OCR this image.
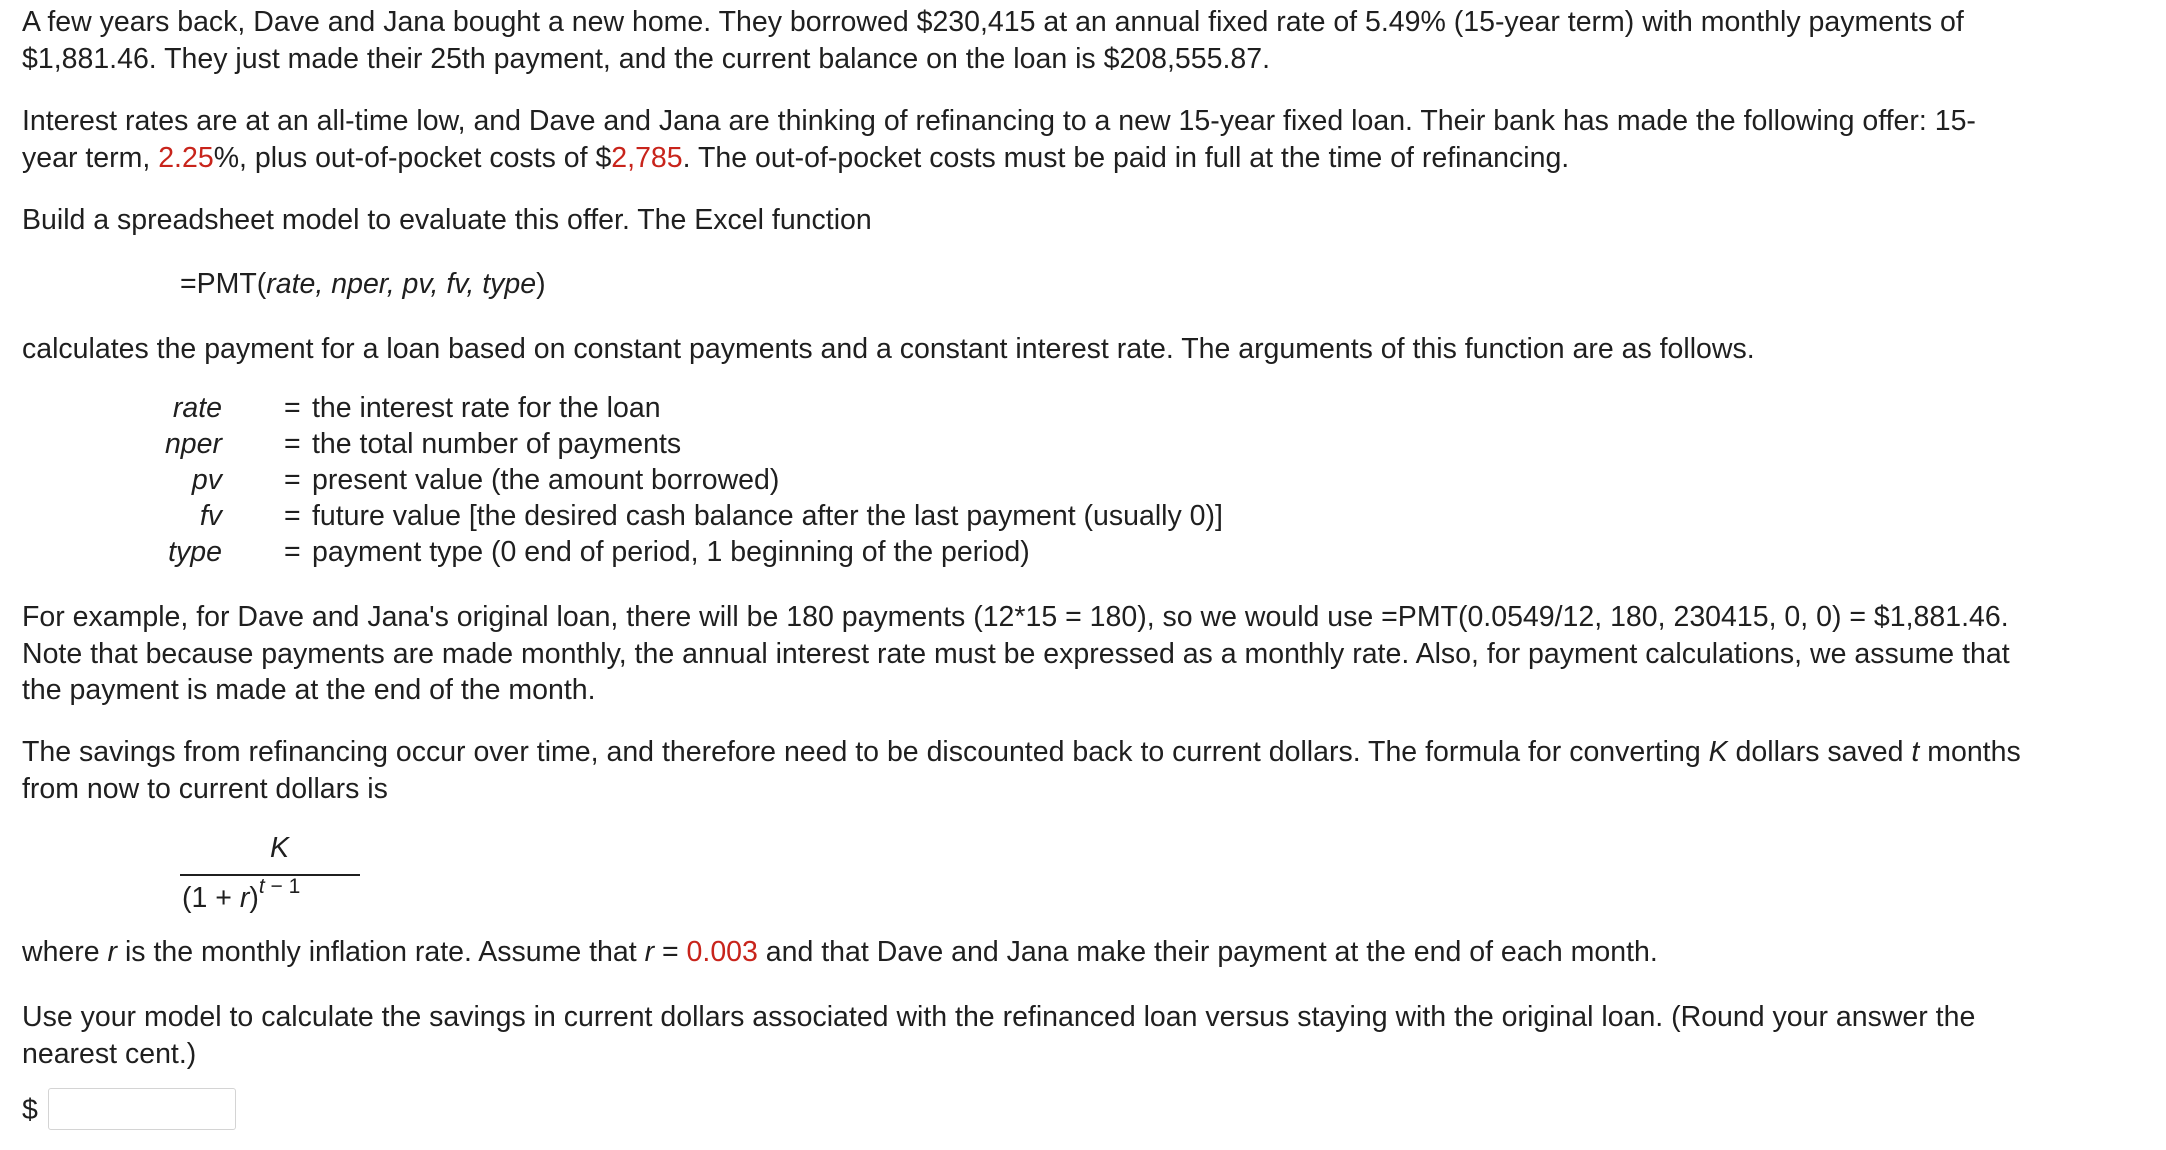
A few years back, Dave and Jana bought a new home. They borrowed $230,415 at an annual fixed rate of 5.49% (15-year term) with monthly payments of
$1,881.46. They just made their 25th payment, and the current balance on the loan is $208,555.87.
Interest rates are at an all-time low, and Dave and Jana are thinking of refinancing to a new 15-year fixed loan. Their bank has made the following offer: 15-
year term, 2.25%, plus out-of-pocket costs of $2,785. The out-of-pocket costs must be paid in full at the time of refinancing.
Build a spreadsheet model to evaluate this offer. The Excel function
=PMT(rate, nper, pv, fv, type)
calculates the payment for a loan based on constant payments and a constant interest rate. The arguments of this function are as follows.
rate = the interest rate for the loan
nper = the total number of payments
pv = present value (the amount borrowed)
fv = future value [the desired cash balance after the last payment (usually 0)]
type = payment type (0 end of period, 1 beginning of the period)
For example, for Dave and Jana's original loan, there will be 180 payments (12*15 = 180), so we would use =PMT(0.0549/12, 180, 230415, 0, 0) = $1,881.46.
Note that because payments are made monthly, the annual interest rate must be expressed as a monthly rate. Also, for payment calculations, we assume that
the payment is made at the end of the month.
The savings from refinancing occur over time, and therefore need to be discounted back to current dollars. The formula for converting K dollars saved t months
from now to current dollars is
K
$(1 + r)^{t - 1}$
where r is the monthly inflation rate. Assume that r = 0.003 and that Dave and Jana make their payment at the end of each month.
Use your model to calculate the savings in current dollars associated with the refinanced loan versus staying with the original loan. (Round your answer the
nearest cent.)
$
